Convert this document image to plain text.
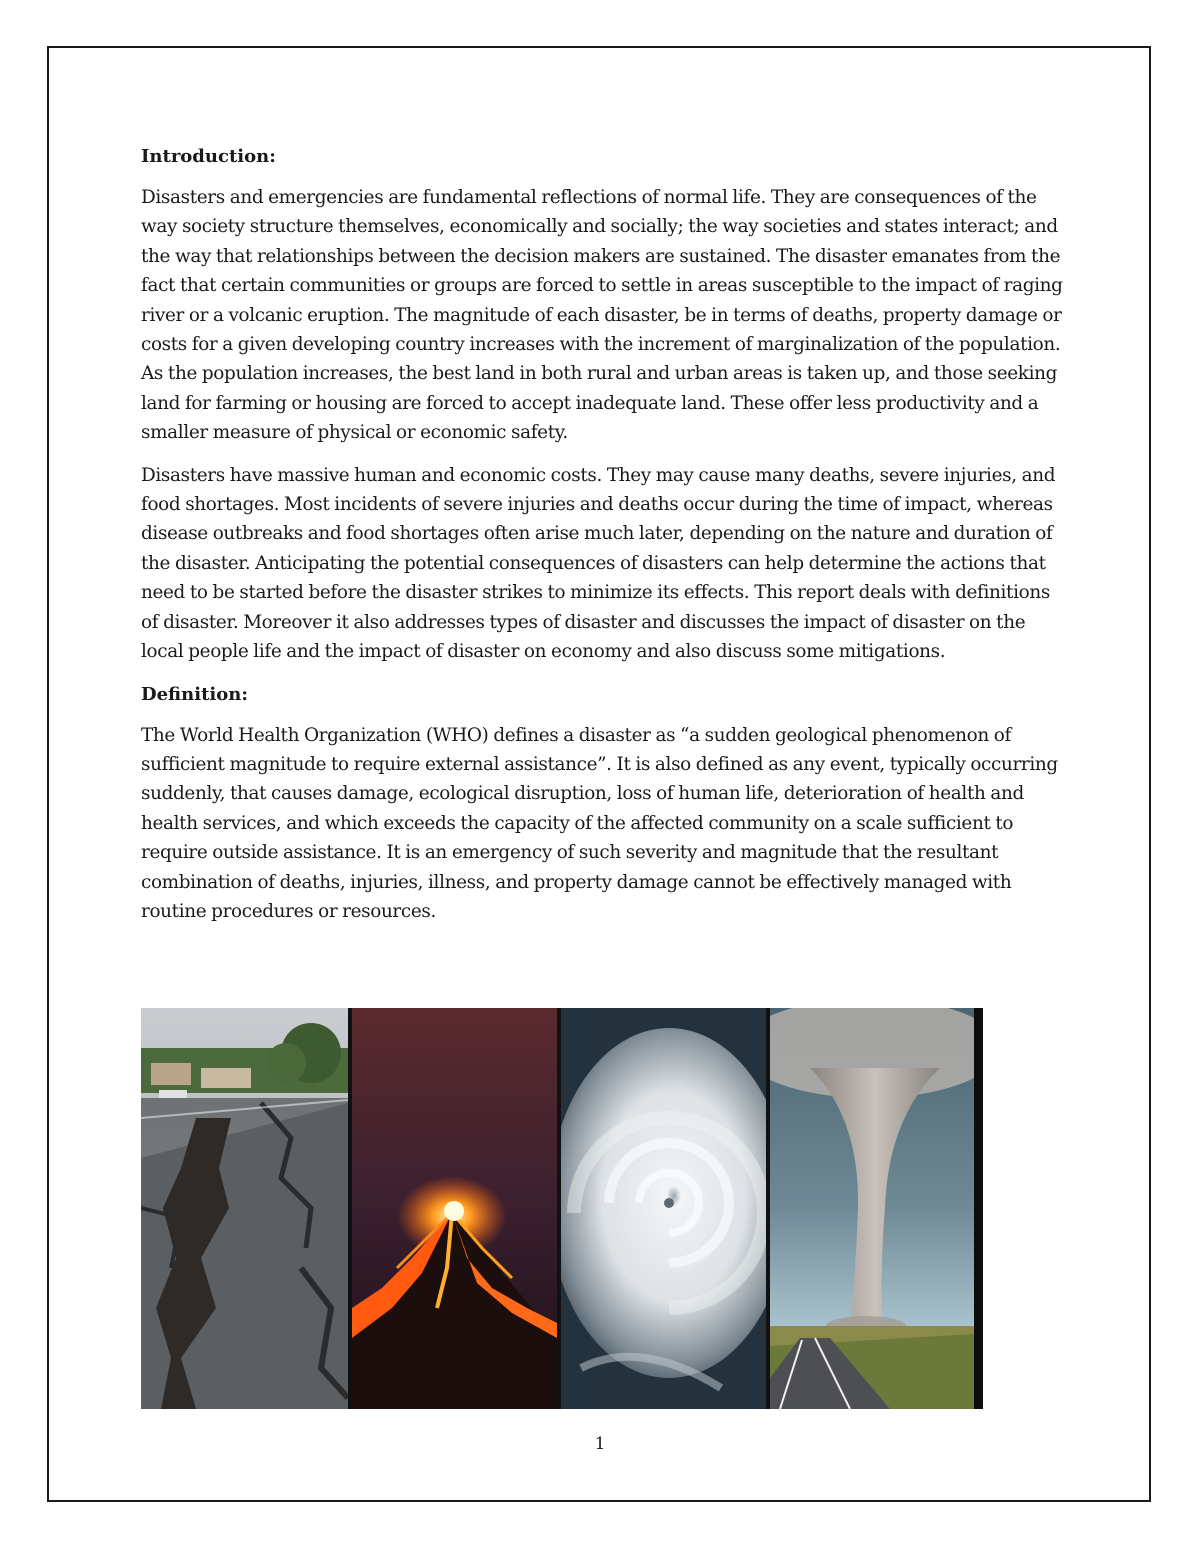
Introduction:

Disasters and emergencies are fundamental reflections of normal life. They are consequences of the way society structure themselves, economically and socially; the way societies and states interact; and the way that relationships between the decision makers are sustained. The disaster emanates from the fact that certain communities or groups are forced to settle in areas susceptible to the impact of raging river or a volcanic eruption. The magnitude of each disaster, be in terms of deaths, property damage or costs for a given developing country increases with the increment of marginalization of the population. As the population increases, the best land in both rural and urban areas is taken up, and those seeking land for farming or housing are forced to accept inadequate land. These offer less productivity and a smaller measure of physical or economic safety.

Disasters have massive human and economic costs. They may cause many deaths, severe injuries, and food shortages. Most incidents of severe injuries and deaths occur during the time of impact, whereas disease outbreaks and food shortages often arise much later, depending on the nature and duration of the disaster. Anticipating the potential consequences of disasters can help determine the actions that need to be started before the disaster strikes to minimize its effects. This report deals with definitions of disaster. Moreover it also addresses types of disaster and discusses the impact of disaster on the local people life and the impact of disaster on economy and also discuss some mitigations.

Definition:

The World Health Organization (WHO) defines a disaster as “a sudden geological phenomenon of sufficient magnitude to require external assistance”. It is also defined as any event, typically occurring suddenly, that causes damage, ecological disruption, loss of human life, deterioration of health and health services, and which exceeds the capacity of the affected community on a scale sufficient to require outside assistance. It is an emergency of such severity and magnitude that the resultant combination of deaths, injuries, illness, and property damage cannot be effectively managed with routine procedures or resources.

1
